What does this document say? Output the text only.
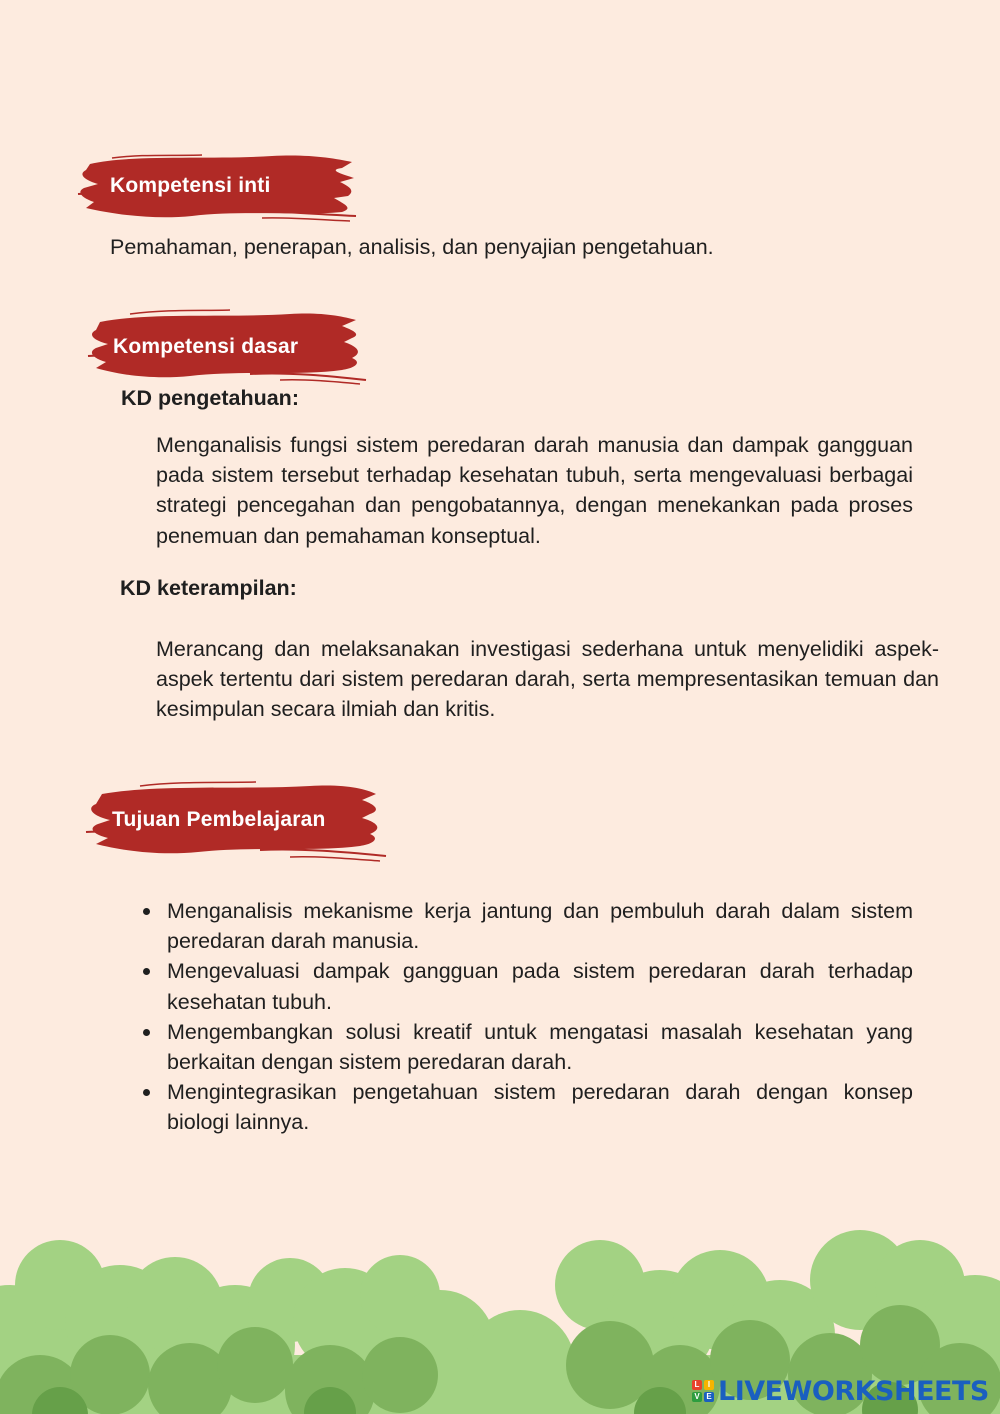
Kompetensi inti
Pemahaman, penerapan, analisis, dan penyajian pengetahuan.
Kompetensi dasar
KD pengetahuan:
Menganalisis fungsi sistem peredaran darah manusia dan dampak gangguan pada sistem tersebut terhadap kesehatan tubuh, serta mengevaluasi berbagai strategi pencegahan dan pengobatannya, dengan menekankan pada proses penemuan dan pemahaman konseptual.
KD keterampilan:
Merancang dan melaksanakan investigasi sederhana untuk menyelidiki aspek-aspek tertentu dari sistem peredaran darah, serta mempresentasikan temuan dan kesimpulan secara ilmiah dan kritis.
Tujuan Pembelajaran
Menganalisis mekanisme kerja jantung dan pembuluh darah dalam sistem peredaran darah manusia.
Mengevaluasi dampak gangguan pada sistem peredaran darah terhadap kesehatan tubuh.
Mengembangkan solusi kreatif untuk mengatasi masalah kesehatan yang berkaitan dengan sistem peredaran darah.
Mengintegrasikan pengetahuan sistem peredaran darah dengan konsep biologi lainnya.
L	I
V E LIVEWORKSHEETS
